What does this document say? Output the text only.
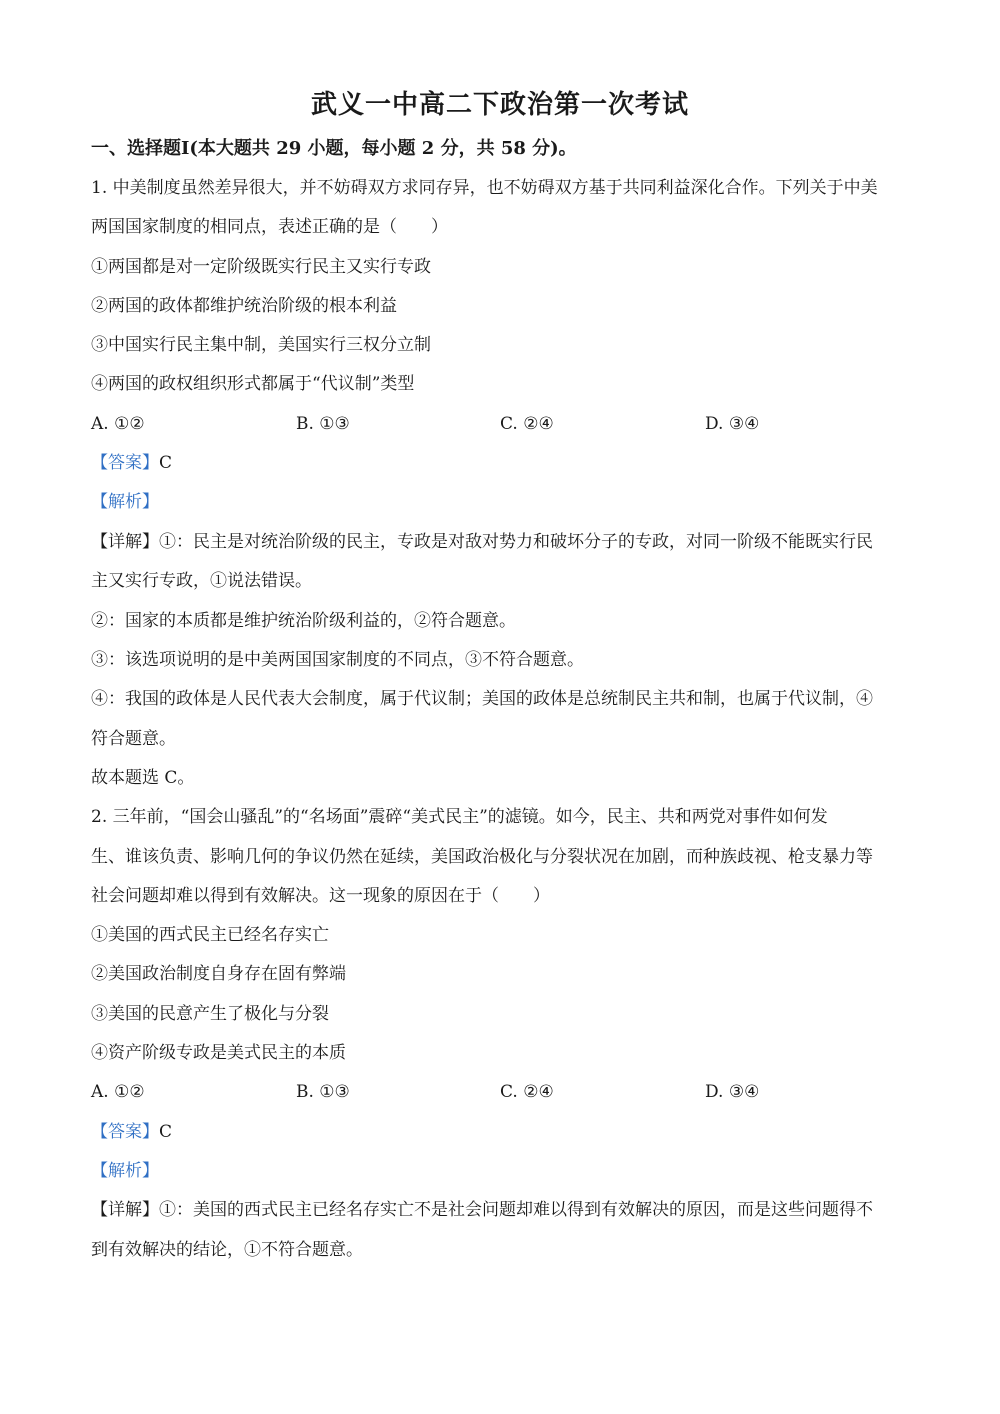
武义一中高二下政治第一次考试
一、选择题Ⅰ(本大题共 29 小题，每小题 2 分，共 58 分)。
1. 中美制度虽然差异很大，并不妨碍双方求同存异，也不妨碍双方基于共同利益深化合作。下列关于中美
两国国家制度的相同点，表述正确的是（　　）
①两国都是对一定阶级既实行民主又实行专政
②两国的政体都维护统治阶级的根本利益
③中国实行民主集中制，美国实行三权分立制
④两国的政权组织形式都属于“代议制”类型
A. ①②	B. ①③	C. ②④	D. ③④
【答案】C
【解析】
【详解】①：民主是对统治阶级的民主，专政是对敌对势力和破坏分子的专政，对同一阶级不能既实行民
主又实行专政，①说法错误。
②：国家的本质都是维护统治阶级利益的，②符合题意。
③：该选项说明的是中美两国国家制度的不同点，③不符合题意。
④：我国的政体是人民代表大会制度，属于代议制；美国的政体是总统制民主共和制，也属于代议制，④
符合题意。
故本题选 C。
2. 三年前，“国会山骚乱”的“名场面”震碎“美式民主”的滤镜。如今，民主、共和两党对事件如何发
生、谁该负责、影响几何的争议仍然在延续，美国政治极化与分裂状况在加剧，而种族歧视、枪支暴力等
社会问题却难以得到有效解决。这一现象的原因在于（　　）
①美国的西式民主已经名存实亡
②美国政治制度自身存在固有弊端
③美国的民意产生了极化与分裂
④资产阶级专政是美式民主的本质
A. ①②	B. ①③	C. ②④	D. ③④
【答案】C
【解析】
【详解】①：美国的西式民主已经名存实亡不是社会问题却难以得到有效解决的原因，而是这些问题得不
到有效解决的结论，①不符合题意。
